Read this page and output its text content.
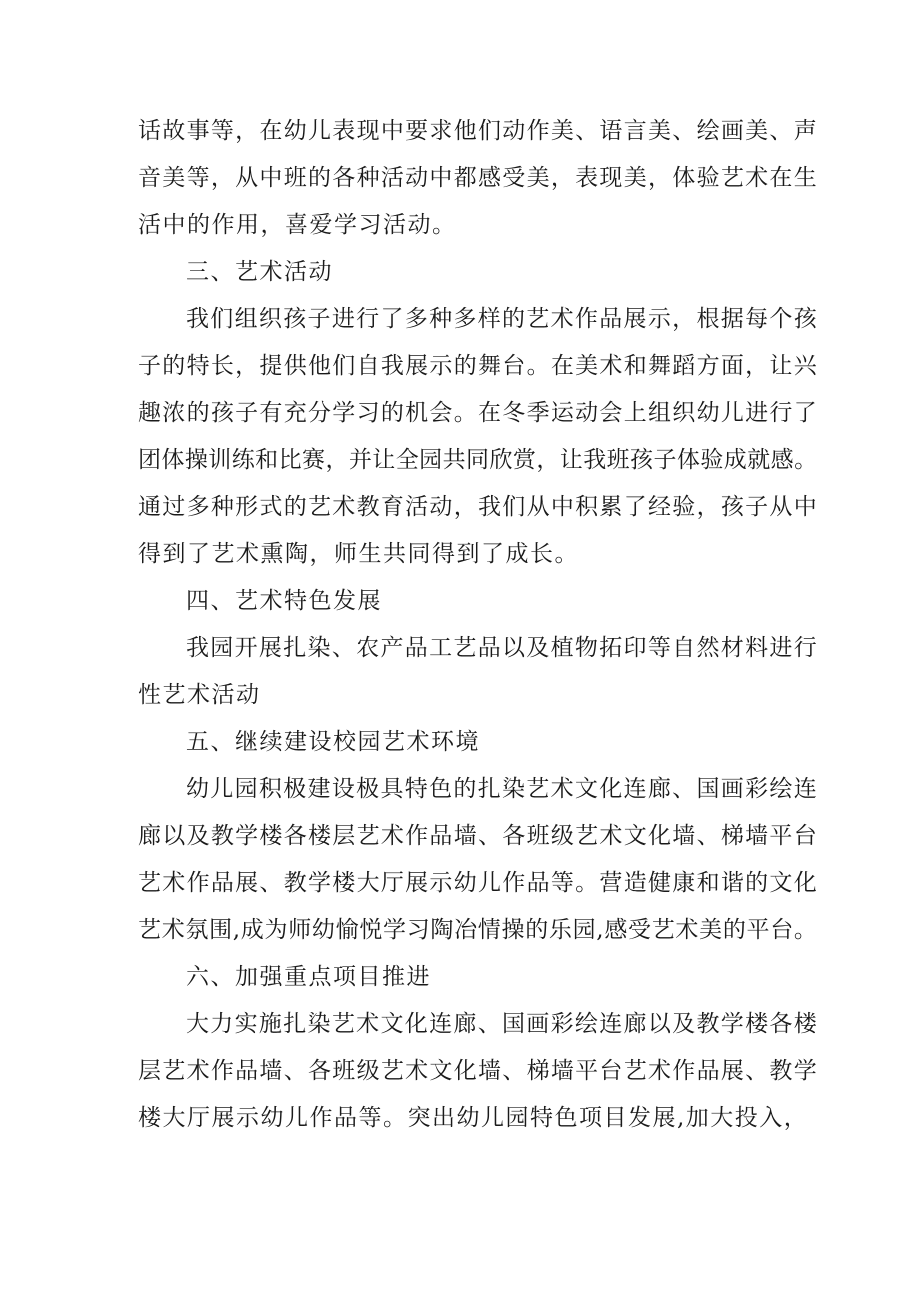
话故事等，在幼儿表现中要求他们动作美、语言美、绘画美、声
音美等，从中班的各种活动中都感受美，表现美，体验艺术在生
活中的作用，喜爱学习活动。
三、艺术活动
我们组织孩子进行了多种多样的艺术作品展示，根据每个孩
子的特长，提供他们自我展示的舞台。在美术和舞蹈方面，让兴
趣浓的孩子有充分学习的机会。在冬季运动会上组织幼儿进行了
团体操训练和比赛，并让全园共同欣赏，让我班孩子体验成就感。
通过多种形式的艺术教育活动，我们从中积累了经验，孩子从中
得到了艺术熏陶，师生共同得到了成长。
四、艺术特色发展
我园开展扎染、农产品工艺品以及植物拓印等自然材料进行
性艺术活动
五、继续建设校园艺术环境
幼儿园积极建设极具特色的扎染艺术文化连廊、国画彩绘连
廊以及教学楼各楼层艺术作品墙、各班级艺术文化墙、梯墙平台
艺术作品展、教学楼大厅展示幼儿作品等。营造健康和谐的文化
艺术氛围,成为师幼愉悦学习陶冶情操的乐园,感受艺术美的平台。
六、加强重点项目推进
大力实施扎染艺术文化连廊、国画彩绘连廊以及教学楼各楼
层艺术作品墙、各班级艺术文化墙、梯墙平台艺术作品展、教学
楼大厅展示幼儿作品等。突出幼儿园特色项目发展,加大投入，
